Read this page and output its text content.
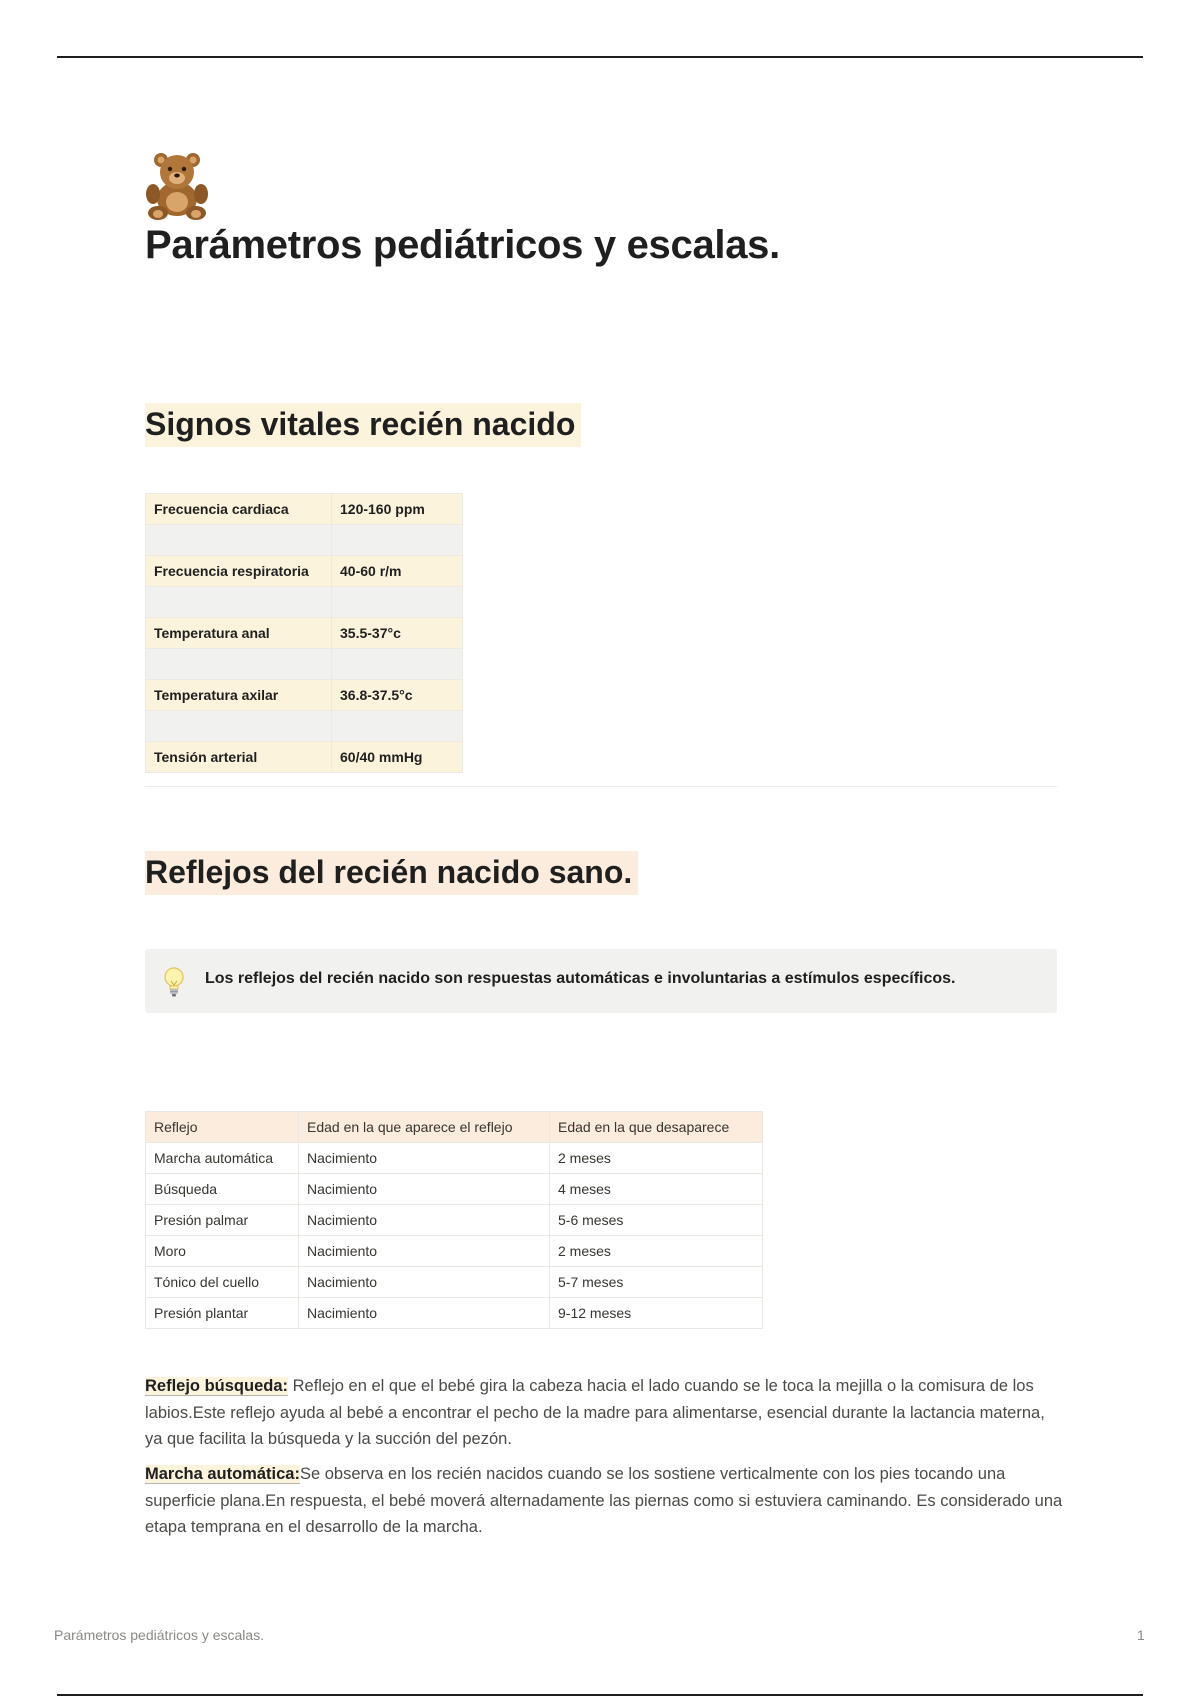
Parámetros pediátricos y escalas.
Signos vitales recién nacido
Frecuencia cardiaca	120-160 ppm

Frecuencia respiratoria	40-60 r/m

Temperatura anal	35.5-37°c

Temperatura axilar	36.8-37.5°c

Tensión arterial	60/40 mmHg
Reflejos del recién nacido sano.

Los reflejos del recién nacido son respuestas automáticas e involuntarias a estímulos específicos.

Reflejo	Edad en la que aparece el reflejo	Edad en la que desaparece
Marcha automática	Nacimiento	2 meses
Búsqueda	Nacimiento	4 meses
Presión palmar	Nacimiento	5-6 meses
Moro	Nacimiento	2 meses
Tónico del cuello	Nacimiento	5-7 meses
Presión plantar	Nacimiento	9-12 meses

Reflejo búsqueda: Reflejo en el que el bebé gira la cabeza hacia el lado cuando se le toca la mejilla o la comisura de los labios.Este reflejo ayuda al bebé a encontrar el pecho de la madre para alimentarse, esencial durante la lactancia materna, ya que facilita la búsqueda y la succión del pezón.

Marcha automática:Se observa en los recién nacidos cuando se los sostiene verticalmente con los pies tocando una superficie plana.En respuesta, el bebé moverá alternadamente las piernas como si estuviera caminando. Es considerado una etapa temprana en el desarrollo de la marcha.

Parámetros pediátricos y escalas.	1
